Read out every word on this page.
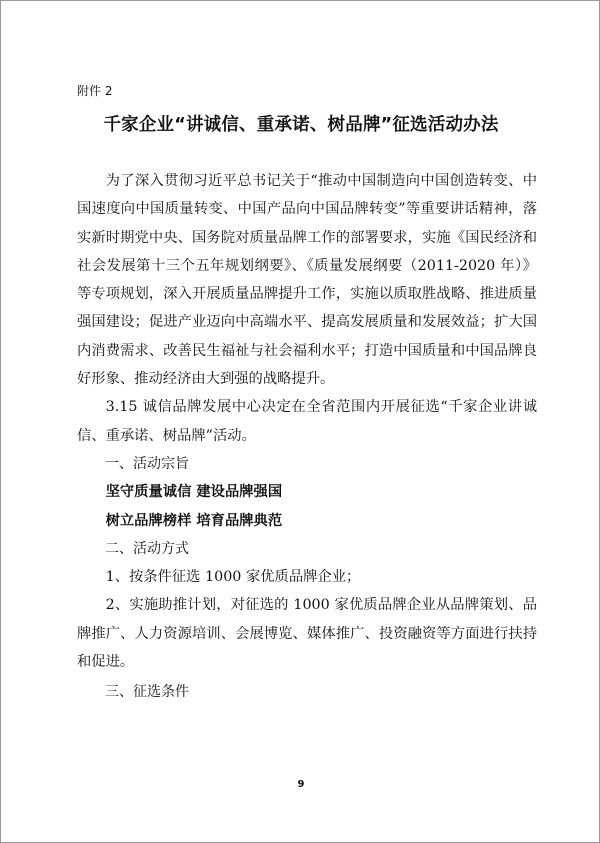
附件 2
千家企业“讲诚信、重承诺、树品牌”征选活动办法

为了深入贯彻习近平总书记关于“推动中国制造向中国创造转变、中国速度向中国质量转变、中国产品向中国品牌转变”等重要讲话精神，落实新时期党中央、国务院对质量品牌工作的部署要求，实施《国民经济和社会发展第十三个五年规划纲要》、《质量发展纲要（2011-2020 年）》等专项规划，深入开展质量品牌提升工作，实施以质取胜战略、推进质量强国建设；促进产业迈向中高端水平、提高发展质量和发展效益；扩大国内消费需求、改善民生福祉与社会福利水平；打造中国质量和中国品牌良好形象、推动经济由大到强的战略提升。

3.15 诚信品牌发展中心决定在全省范围内开展征选“千家企业讲诚信、重承诺、树品牌”活动。

一、活动宗旨

坚守质量诚信 建设品牌强国

树立品牌榜样 培育品牌典范

二、活动方式

1、按条件征选 1000 家优质品牌企业；

2、实施助推计划，对征选的 1000 家优质品牌企业从品牌策划、品牌推广、人力资源培训、会展博览、媒体推广、投资融资等方面进行扶持和促进。

三、征选条件

9
